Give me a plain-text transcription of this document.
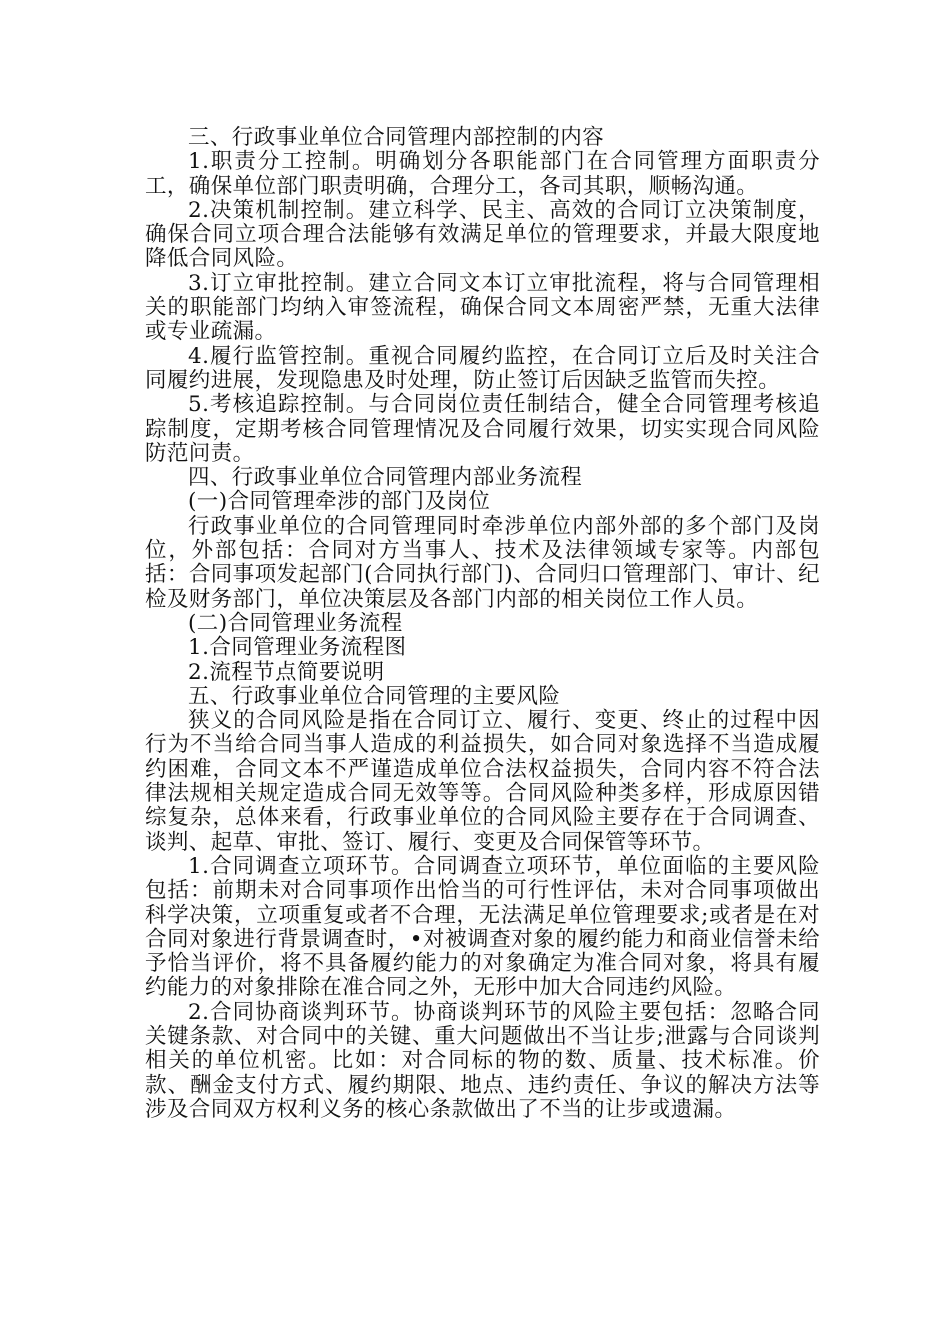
三、行政事业单位合同管理内部控制的内容

1.职责分工控制。明确划分各职能部门在合同管理方面职责分工，确保单位部门职责明确，合理分工，各司其职，顺畅沟通。

2.决策机制控制。建立科学、民主、高效的合同订立决策制度，确保合同立项合理合法能够有效满足单位的管理要求，并最大限度地降低合同风险。

3.订立审批控制。建立合同文本订立审批流程，将与合同管理相关的职能部门均纳入审签流程，确保合同文本周密严禁，无重大法律或专业疏漏。

4.履行监管控制。重视合同履约监控，在合同订立后及时关注合同履约进展，发现隐患及时处理，防止签订后因缺乏监管而失控。

5.考核追踪控制。与合同岗位责任制结合，健全合同管理考核追踪制度，定期考核合同管理情况及合同履行效果，切实实现合同风险防范问责。

四、行政事业单位合同管理内部业务流程

(一)合同管理牵涉的部门及岗位

行政事业单位的合同管理同时牵涉单位内部外部的多个部门及岗位，外部包括：合同对方当事人、技术及法律领域专家等。内部包括：合同事项发起部门(合同执行部门)、合同归口管理部门、审计、纪检及财务部门，单位决策层及各部门内部的相关岗位工作人员。

(二)合同管理业务流程

1.合同管理业务流程图

2.流程节点简要说明

五、行政事业单位合同管理的主要风险

狭义的合同风险是指在合同订立、履行、变更、终止的过程中因行为不当给合同当事人造成的利益损失，如合同对象选择不当造成履约困难，合同文本不严谨造成单位合法权益损失，合同内容不符合法律法规相关规定造成合同无效等等。合同风险种类多样，形成原因错综复杂，总体来看，行政事业单位的合同风险主要存在于合同调查、谈判、起草、审批、签订、履行、变更及合同保管等环节。

1.合同调查立项环节。合同调查立项环节，单位面临的主要风险包括：前期未对合同事项作出恰当的可行性评估，未对合同事项做出科学决策，立项重复或者不合理，无法满足单位管理要求;或者是在对合同对象进行背景调查时，•对被调查对象的履约能力和商业信誉未给予恰当评价，将不具备履约能力的对象确定为准合同对象，将具有履约能力的对象排除在准合同之外，无形中加大合同违约风险。

2.合同协商谈判环节。协商谈判环节的风险主要包括：忽略合同关键条款、对合同中的关键、重大问题做出不当让步;泄露与合同谈判相关的单位机密。比如：对合同标的物的数、质量、技术标准。价款、酬金支付方式、履约期限、地点、违约责任、争议的解决方法等涉及合同双方权利义务的核心条款做出了不当的让步或遗漏。
